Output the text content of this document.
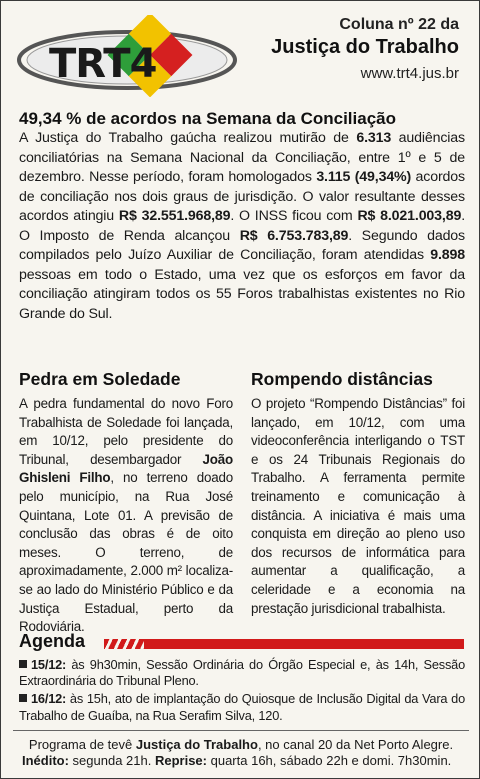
TRT4
Coluna nº 22 da
Justiça do Trabalho
www.trt4.jus.br
49,34 % de acordos na Semana da Conciliação

A Justiça do Trabalho gaúcha realizou mutirão de 6.313 audiências conciliatórias na Semana Nacional da Conciliação, entre 1º e 5 de dezembro. Nesse período, foram homologados 3.115 (49,34%) acordos de conciliação nos dois graus de jurisdição. O valor resultante desses acordos atingiu R$ 32.551.968,89. O INSS ficou com R$ 8.021.003,89. O Imposto de Renda alcançou R$ 6.753.783,89. Segundo dados compilados pelo Juízo Auxiliar de Conciliação, foram atendidas 9.898 pessoas em todo o Estado, uma vez que os esforços em favor da conciliação atingiram todos os 55 Foros trabalhistas existentes no Rio Grande do Sul.

Pedra em Soledade

A pedra fundamental do novo Foro Trabalhista de Soledade foi lançada, em 10/12, pelo presidente do Tribunal, desembargador João Ghisleni Filho, no terreno doado pelo município, na Rua José Quintana, Lote 01. A previsão de conclusão das obras é de oito meses. O terreno, de aproximadamente, 2.000 m² localiza-se ao lado do Ministério Público e da Justiça Estadual, perto da Rodoviária.

Rompendo distâncias

O projeto “Rompendo Distâncias” foi lançado, em 10/12, com uma videoconferência interligando o TST e os 24 Tribunais Regionais do Trabalho. A ferramenta permite treinamento e comunicação à distância. A iniciativa é mais uma conquista em direção ao pleno uso dos recursos de informática para aumentar a qualificação, a celeridade e a economia na prestação jurisdicional trabalhista.

Agenda
15/12: às 9h30min, Sessão Ordinária do Órgão Especial e, às 14h, Sessão Extraordinária do Tribunal Pleno.
16/12: às 15h, ato de implantação do Quiosque de Inclusão Digital da Vara do Trabalho de Guaíba, na Rua Serafim Silva, 120.
Programa de tevê Justiça do Trabalho, no canal 20 da Net Porto Alegre.
Inédito: segunda 21h. Reprise: quarta 16h, sábado 22h e domi. 7h30min.
